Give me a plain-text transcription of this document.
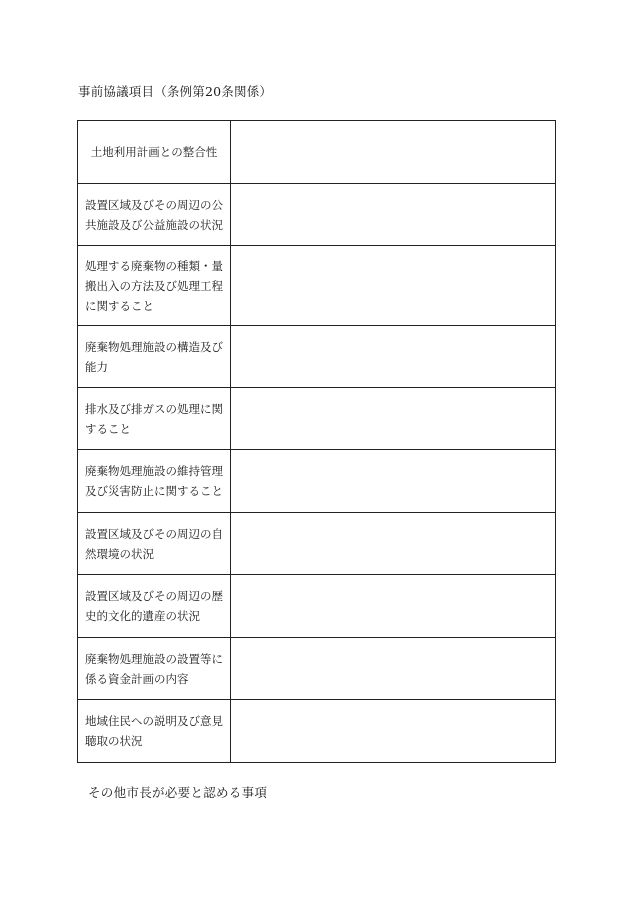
事前協議項目（条例第20条関係）
土地利用計画との整合性	
設置区域及びその周辺の公共施設及び公益施設の状況	
処理する廃棄物の種類・量搬出入の方法及び処理工程に関すること	
廃棄物処理施設の構造及び能力	
排水及び排ガスの処理に関すること	
廃棄物処理施設の維持管理及び災害防止に関すること	
設置区域及びその周辺の自然環境の状況	
設置区域及びその周辺の歴史的文化的遺産の状況	
廃棄物処理施設の設置等に係る資金計画の内容	
地域住民への説明及び意見聴取の状況	
その他市長が必要と認める事項
